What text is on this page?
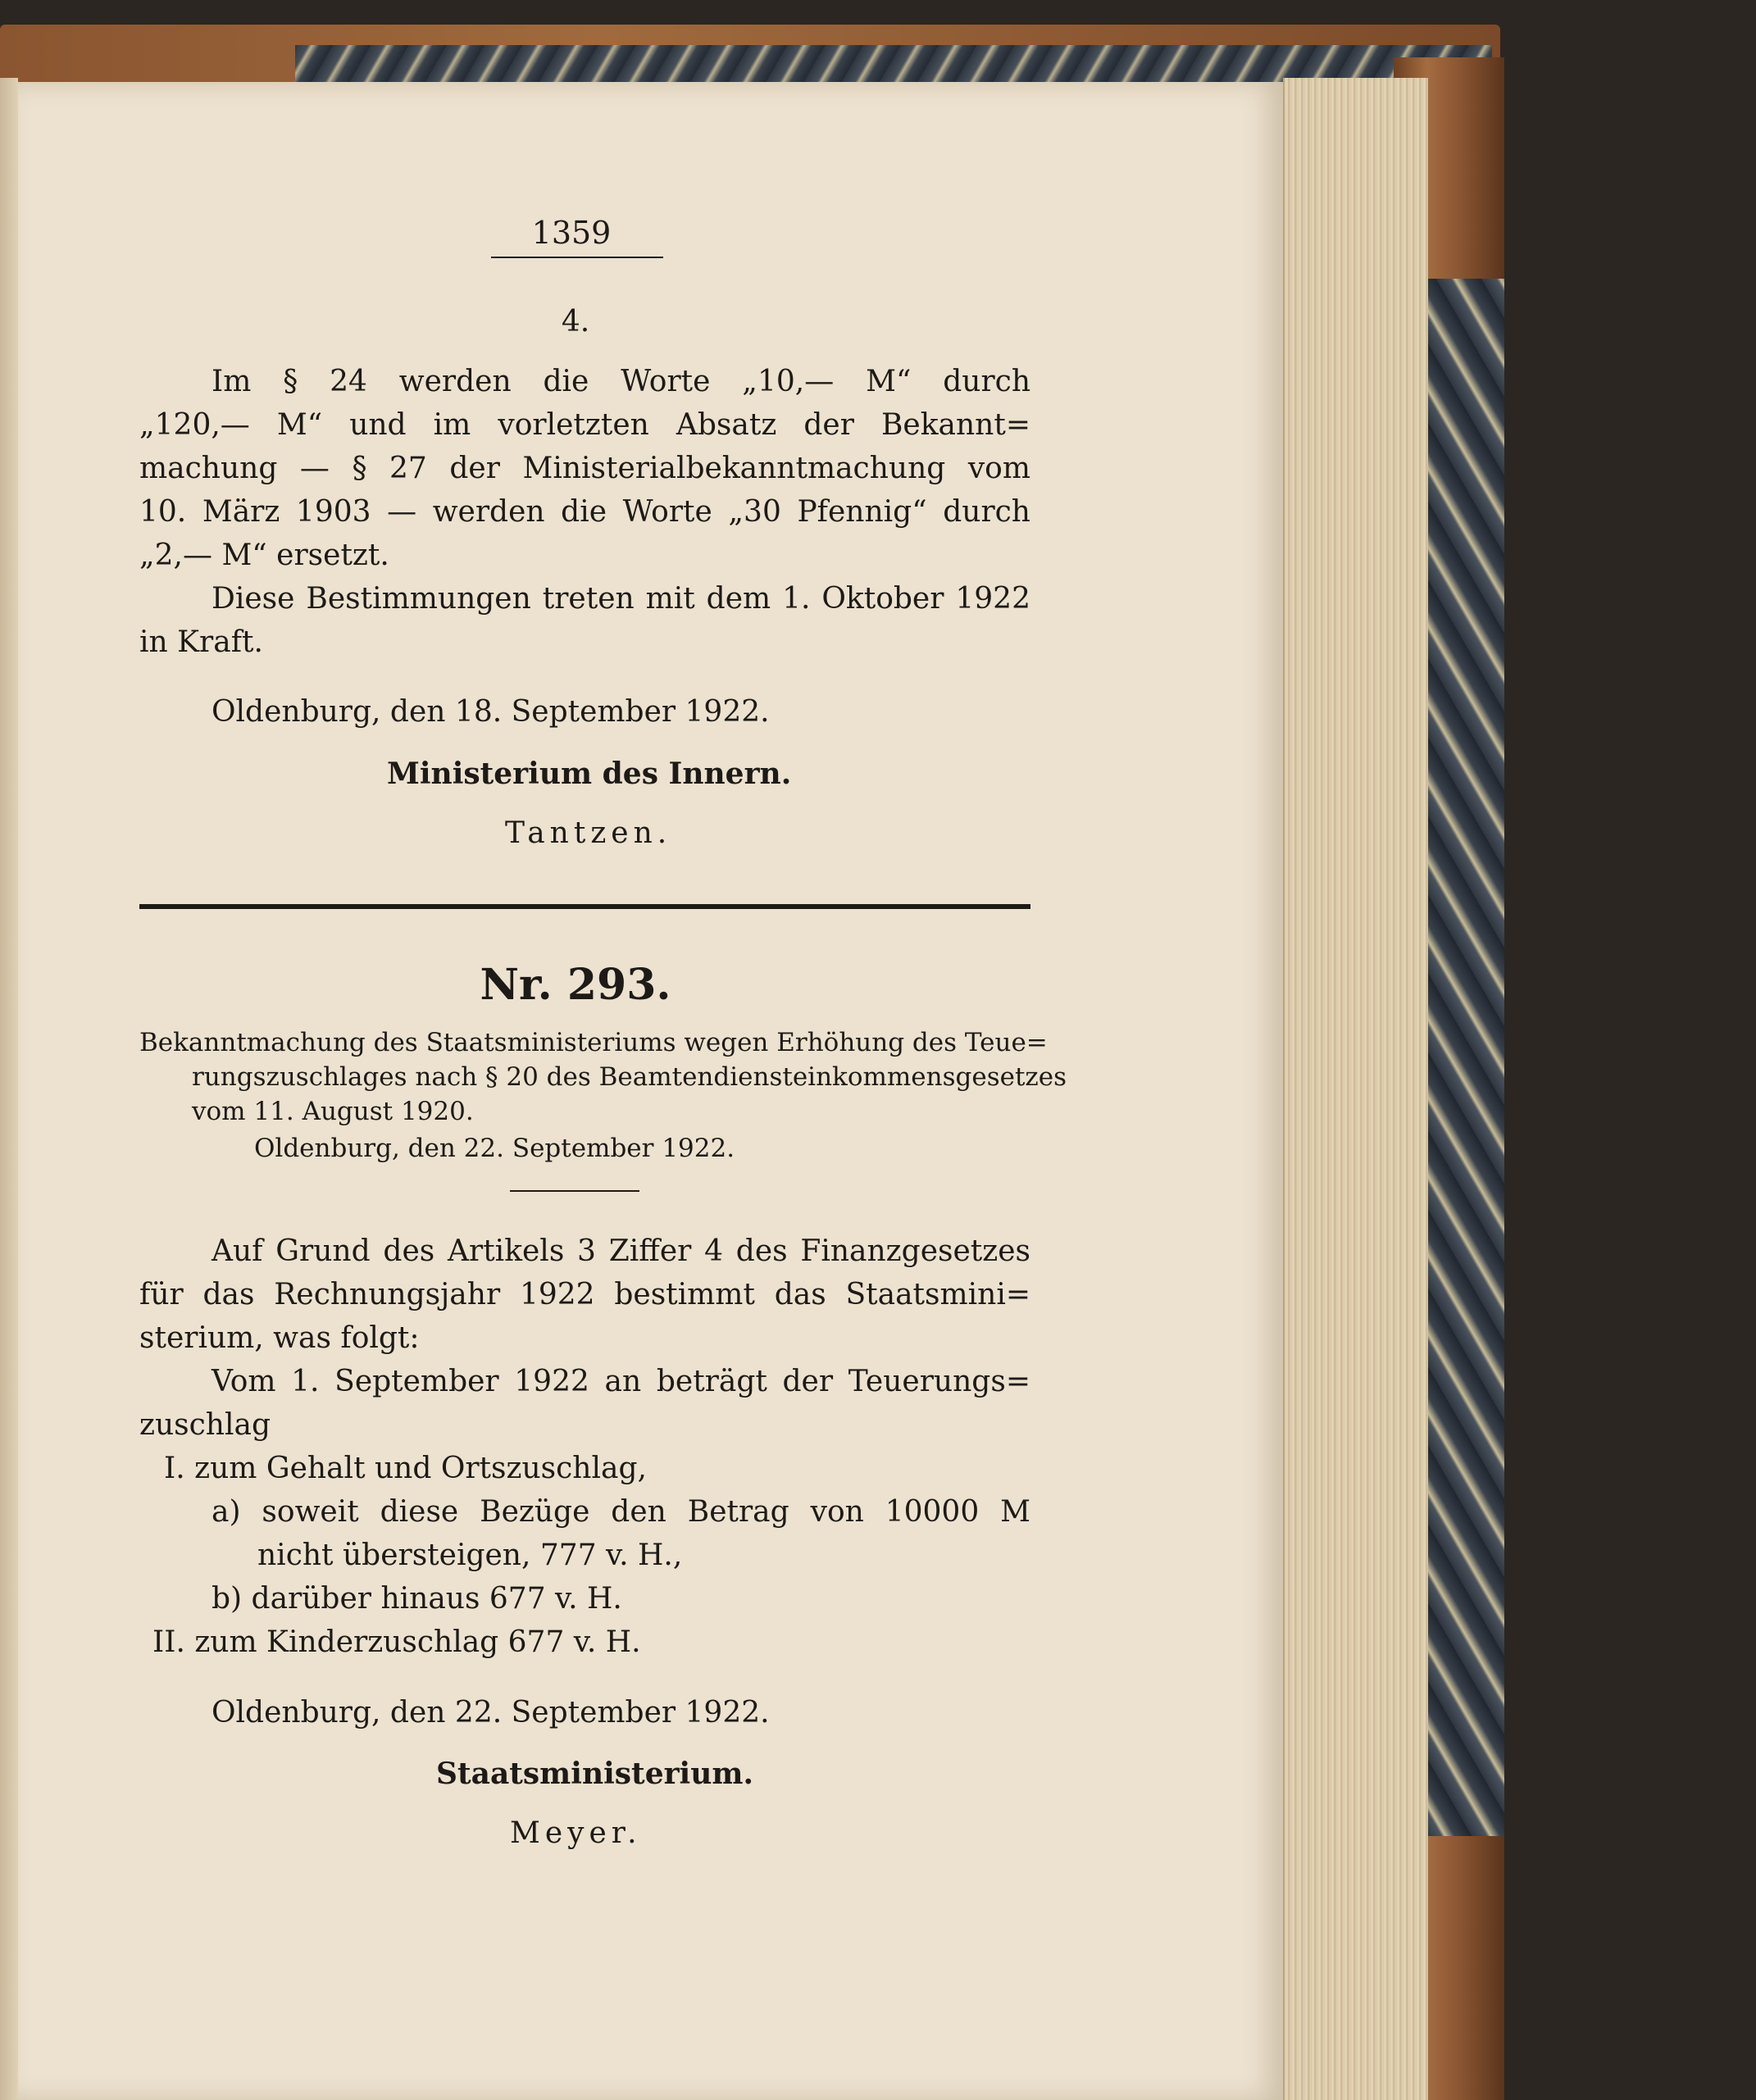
1359
4.
Im § 24 werden die Worte „10,— M“ durch
„120,— M“ und im vorletzten Absatz der Bekannt=
machung — § 27 der Ministerialbekanntmachung vom
10. März 1903 — werden die Worte „30 Pfennig“ durch
„2,— M“ ersetzt.
Diese Bestimmungen treten mit dem 1. Oktober 1922
in Kraft.
Oldenburg, den 18. September 1922.
Ministerium des Innern.
Tantzen.
Nr. 293.
Bekanntmachung des Staatsministeriums wegen Erhöhung des Teue=
rungszuschlages nach § 20 des Beamtendiensteinkommensgesetzes
vom 11. August 1920.
Oldenburg, den 22. September 1922.
Auf Grund des Artikels 3 Ziffer 4 des Finanzgesetzes
für das Rechnungsjahr 1922 bestimmt das Staatsmini=
sterium, was folgt:
Vom 1. September 1922 an beträgt der Teuerungs=
zuschlag
I. zum Gehalt und Ortszuschlag,
a) soweit diese Bezüge den Betrag von 10000 M
nicht übersteigen, 777 v. H.,
b) darüber hinaus 677 v. H.
II. zum Kinderzuschlag 677 v. H.
Oldenburg, den 22. September 1922.
Staatsministerium.
Meyer.
